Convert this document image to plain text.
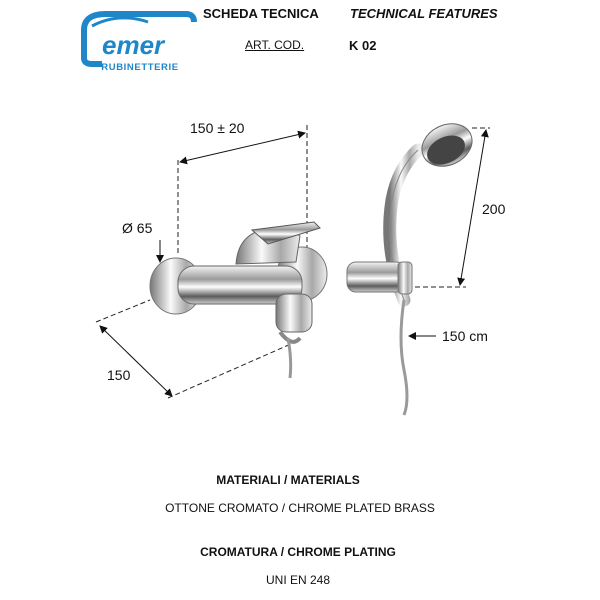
emer
RUBINETTERIE
SCHEDA TECNICA TECHNICAL FEATURES
ART. COD.	K 02
150 ± 20
Ø 65
150
200
150 cm
MATERIALI / MATERIALS
OTTONE CROMATO / CHROME PLATED BRASS
CROMATURA / CHROME PLATING
UNI EN 248
